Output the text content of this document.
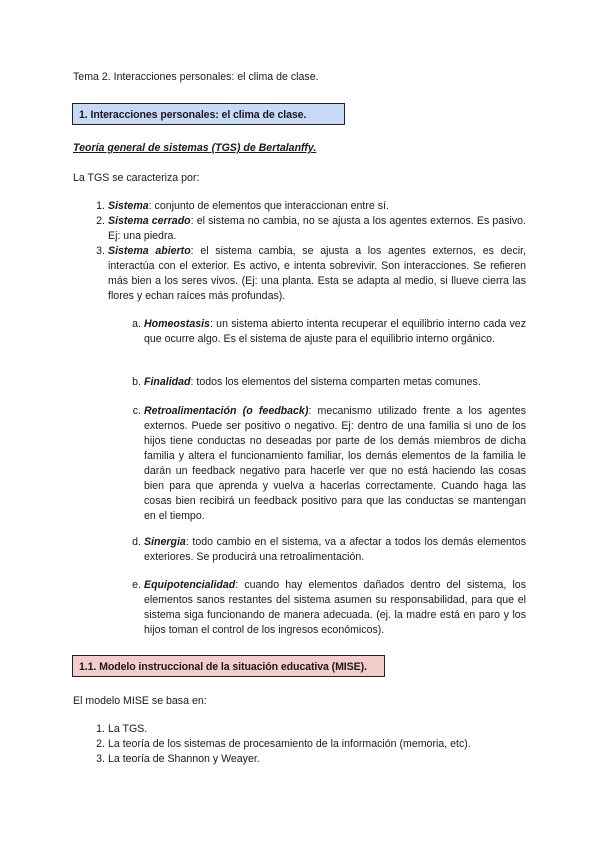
Tema 2. Interacciones personales: el clima de clase.
1. Interacciones personales: el clima de clase.
Teoría general de sistemas (TGS) de Bertalanffy.
La TGS se caracteriza por:
1. Sistema: conjunto de elementos que interaccionan entre sí.
2. Sistema cerrado: el sistema no cambia, no se ajusta a los agentes externos. Es pasivo. Ej: una piedra.
3. Sistema abierto: el sistema cambia, se ajusta a los agentes externos, es decir, interactúa con el exterior. Es activo, e intenta sobrevivir. Son interacciones. Se refieren más bien a los seres vivos. (Ej: una planta. Esta se adapta al medio, si llueve cierra las flores y echan raíces más profundas).
a. Homeostasis: un sistema abierto intenta recuperar el equilibrio interno cada vez que ocurre algo. Es el sistema de ajuste para el equilibrio interno orgánico.
b. Finalidad: todos los elementos del sistema comparten metas comunes.
c. Retroalimentación (o feedback): mecanismo utilizado frente a los agentes externos. Puede ser positivo o negativo. Ej: dentro de una familia si uno de los hijos tiene conductas no deseadas por parte de los demás miembros de dicha familia y altera el funcionamiento familiar, los demás elementos de la familia le darán un feedback negativo para hacerle ver que no está haciendo las cosas bien para que aprenda y vuelva a hacerlas correctamente. Cuando haga las cosas bien recibirá un feedback positivo para que las conductas se mantengan en el tiempo.
d. Sinergia: todo cambio en el sistema, va a afectar a todos los demás elementos exteriores. Se producirá una retroalimentación.
e. Equipotencialidad: cuando hay elementos dañados dentro del sistema, los elementos sanos restantes del sistema asumen su responsabilidad, para que el sistema siga funcionando de manera adecuada. (ej. la madre está en paro y los hijos toman el control de los ingresos económicos).
1.1. Modelo instruccional de la situación educativa (MISE).
El modelo MISE se basa en:
1. La TGS.
2. La teoría de los sistemas de procesamiento de la información (memoria, etc).
3. La teoría de Shannon y Weayer.
